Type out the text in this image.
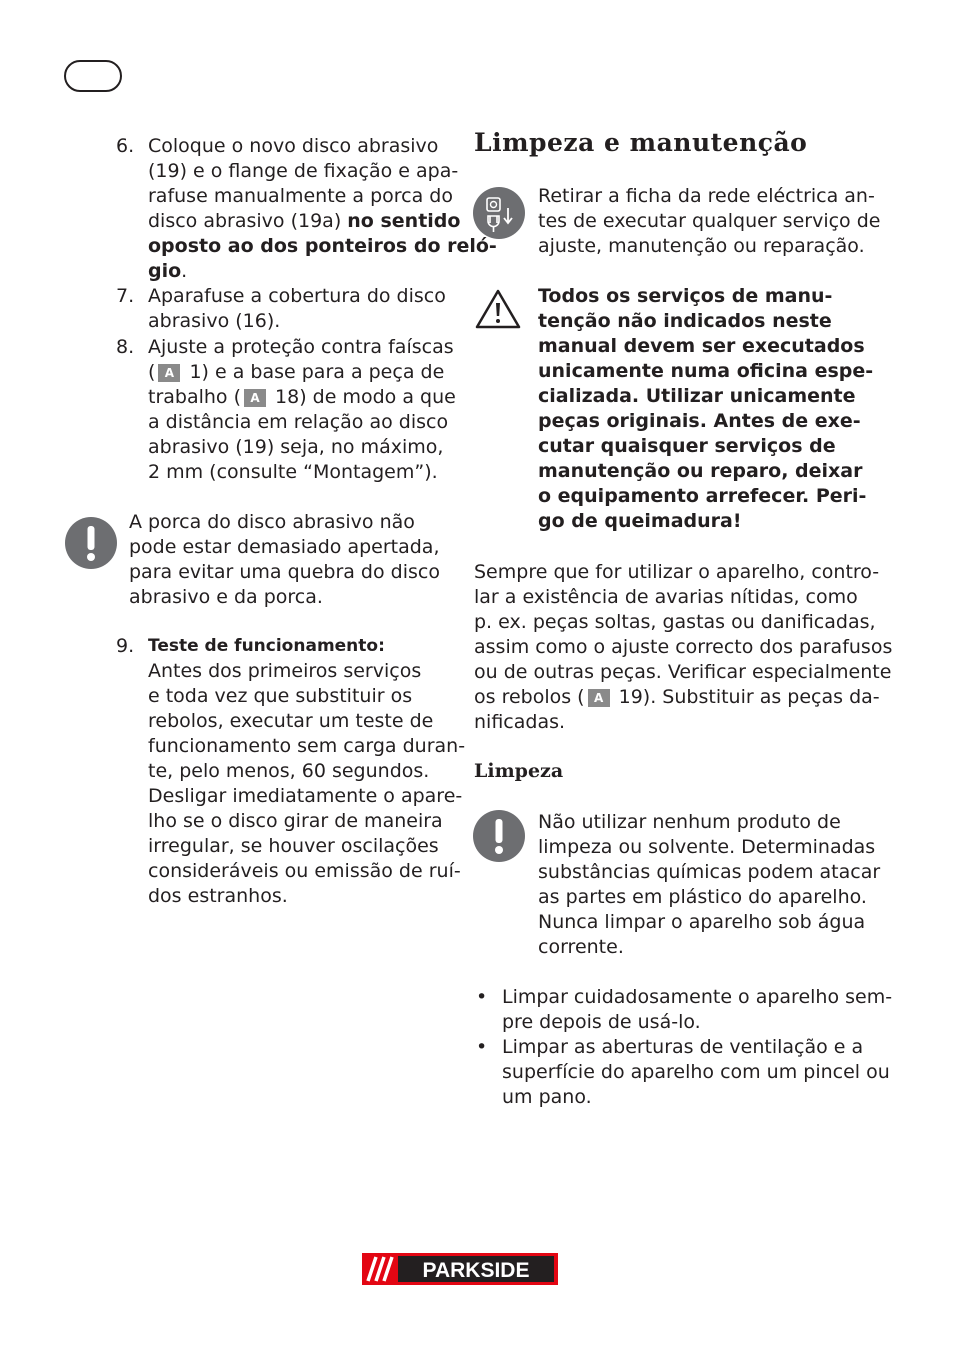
6. Coloque o novo disco abrasivo
(19) e o flange de fixação e apa-
rafuse manualmente a porca do
disco abrasivo (19a) no sentido
oposto ao dos ponteiros do reló-
gio.
7. Aparafuse a cobertura do disco
abrasivo (16).
8. Ajuste a proteção contra faíscas
( A 1) e a base para a peça de
trabalho ( A 18) de modo a que
a distância em relação ao disco
abrasivo (19) seja, no máximo,
2 mm (consulte “Montagem”).
A porca do disco abrasivo não
pode estar demasiado apertada,
para evitar uma quebra do disco
abrasivo e da porca.
9. Teste de funcionamento:
Antes dos primeiros serviços
e toda vez que substituir os
rebolos, executar um teste de
funcionamento sem carga duran-
te, pelo menos, 60 segundos.
Desligar imediatamente o apare-
lho se o disco girar de maneira
irregular, se houver oscilações
consideráveis ou emissão de ruí-
dos estranhos.
Limpeza e manutenção
Retirar a ficha da rede eléctrica an-
tes de executar qualquer serviço de
ajuste, manutenção ou reparação.
Todos os serviços de manu-
tenção não indicados neste
manual devem ser executados
unicamente numa oficina espe-
cializada. Utilizar unicamente
peças originais. Antes de exe-
cutar quaisquer serviços de
manutenção ou reparo, deixar
o equipamento arrefecer. Peri-
go de queimadura!
Sempre que for utilizar o aparelho, contro-
lar a existência de avarias nítidas, como
p. ex. peças soltas, gastas ou danificadas,
assim como o ajuste correcto dos parafusos
ou de outras peças. Verificar especialmente
os rebolos ( A 19). Substituir as peças da-
nificadas.
Limpeza
Não utilizar nenhum produto de
limpeza ou solvente. Determinadas
substâncias químicas podem atacar
as partes em plástico do aparelho.
Nunca limpar o aparelho sob água
corrente.
• Limpar cuidadosamente o aparelho sem-
pre depois de usá-lo.
• Limpar as aberturas de ventilação e a
superfície do aparelho com um pincel ou
um pano.
PARKSIDE
